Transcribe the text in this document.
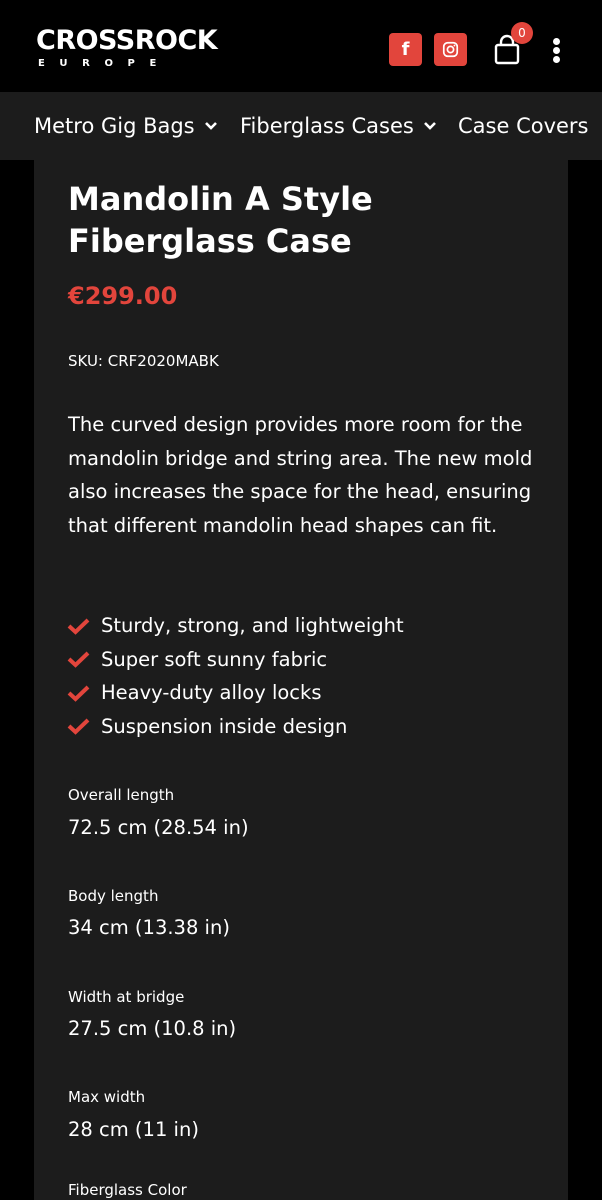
CROSSROCK
EUROPE
f
0
Metro Gig Bags Fiberglass Cases Case Covers
Mandolin A Style Fiberglass Case
€299.00
SKU: CRF2020MABK

The curved design provides more room for the mandolin bridge and string area. The new mold also increases the space for the head, ensuring that different mandolin head shapes can fit.

Sturdy, strong, and lightweight
Super soft sunny fabric
Heavy-duty alloy locks
Suspension inside design
Overall length
72.5 cm (28.54 in)
Body length
34 cm (13.38 in)
Width at bridge
27.5 cm (10.8 in)
Max width
28 cm (11 in)
Fiberglass Color
